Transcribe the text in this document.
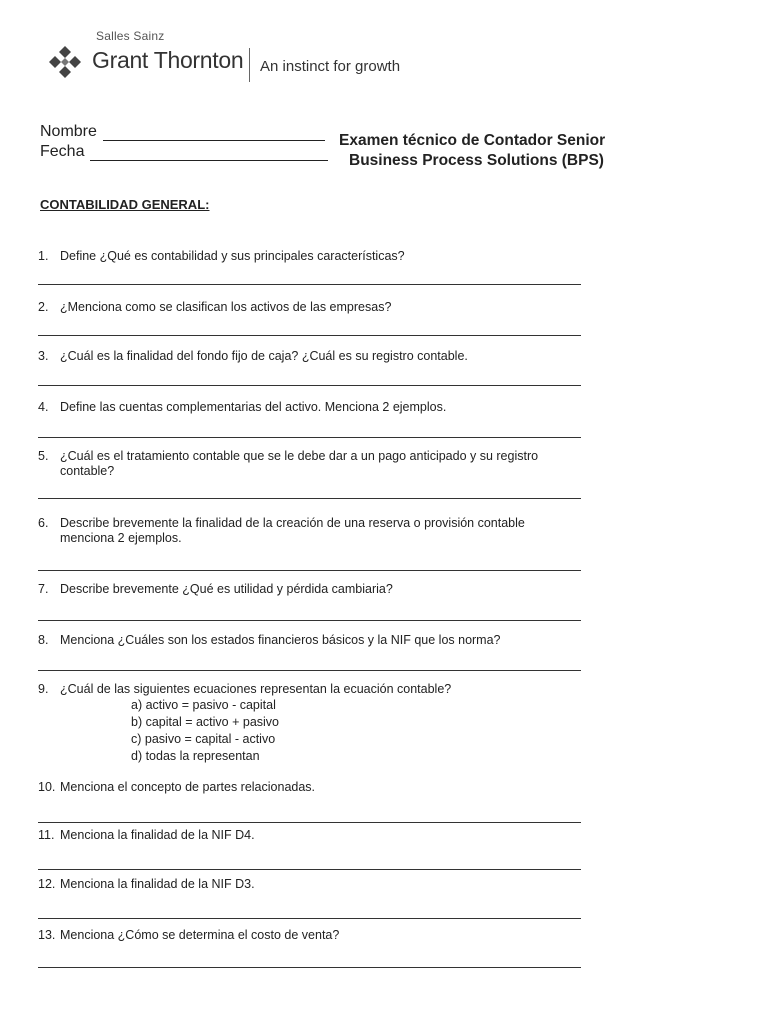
Salles Sainz
Grant Thornton An instinct for growth
Nombre
Fecha
Examen técnico de Contador Senior
Business Process Solutions (BPS)
CONTABILIDAD GENERAL:
1. Define ¿Qué es contabilidad y sus principales características?
2. ¿Menciona como se clasifican los activos de las empresas?
3. ¿Cuál es la finalidad del fondo fijo de caja? ¿Cuál es su registro contable.
4. Define las cuentas complementarias del activo. Menciona 2 ejemplos.
5. ¿Cuál es el tratamiento contable que se le debe dar a un pago anticipado y su registro contable?
6. Describe brevemente la finalidad de la creación de una reserva o provisión contable menciona 2 ejemplos.
7. Describe brevemente ¿Qué es utilidad y pérdida cambiaria?
8. Menciona ¿Cuáles son los estados financieros básicos y la NIF que los norma?
9. ¿Cuál de las siguientes ecuaciones representan la ecuación contable?
a) activo = pasivo - capital
b) capital = activo + pasivo
c) pasivo = capital - activo
d) todas la representan
10. Menciona el concepto de partes relacionadas.
11. Menciona la finalidad de la NIF D4.
12. Menciona la finalidad de la NIF D3.
13. Menciona ¿Cómo se determina el costo de venta?
